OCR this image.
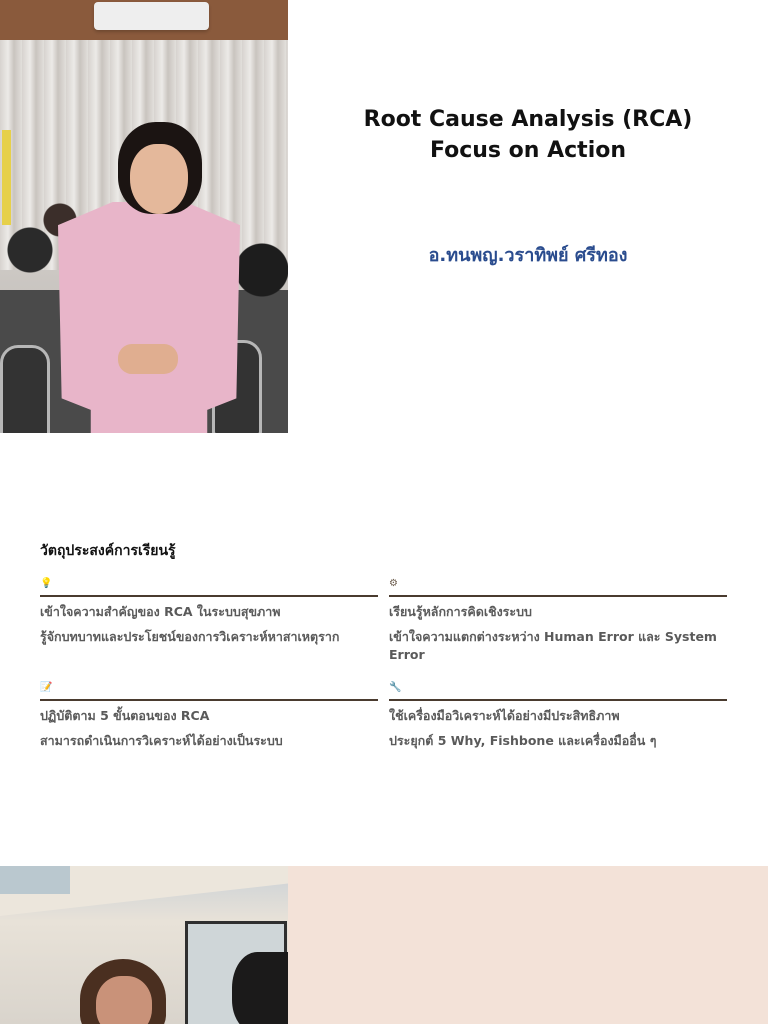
Root Cause Analysis (RCA)
Focus on Action
อ.ทนพญ.วราทิพย์ ศรีทอง
วัตถุประสงค์การเรียนรู้
💡
เข้าใจความสำคัญของ RCA ในระบบสุขภาพ
รู้จักบทบาทและประโยชน์ของการวิเคราะห์หาสาเหตุราก
⚙
เรียนรู้หลักการคิดเชิงระบบ
เข้าใจความแตกต่างระหว่าง Human Error และ System Error
📝
ปฏิบัติตาม 5 ขั้นตอนของ RCA
สามารถดำเนินการวิเคราะห์ได้อย่างเป็นระบบ
🔧
ใช้เครื่องมือวิเคราะห์ได้อย่างมีประสิทธิภาพ
ประยุกต์ 5 Why, Fishbone และเครื่องมืออื่น ๆ
